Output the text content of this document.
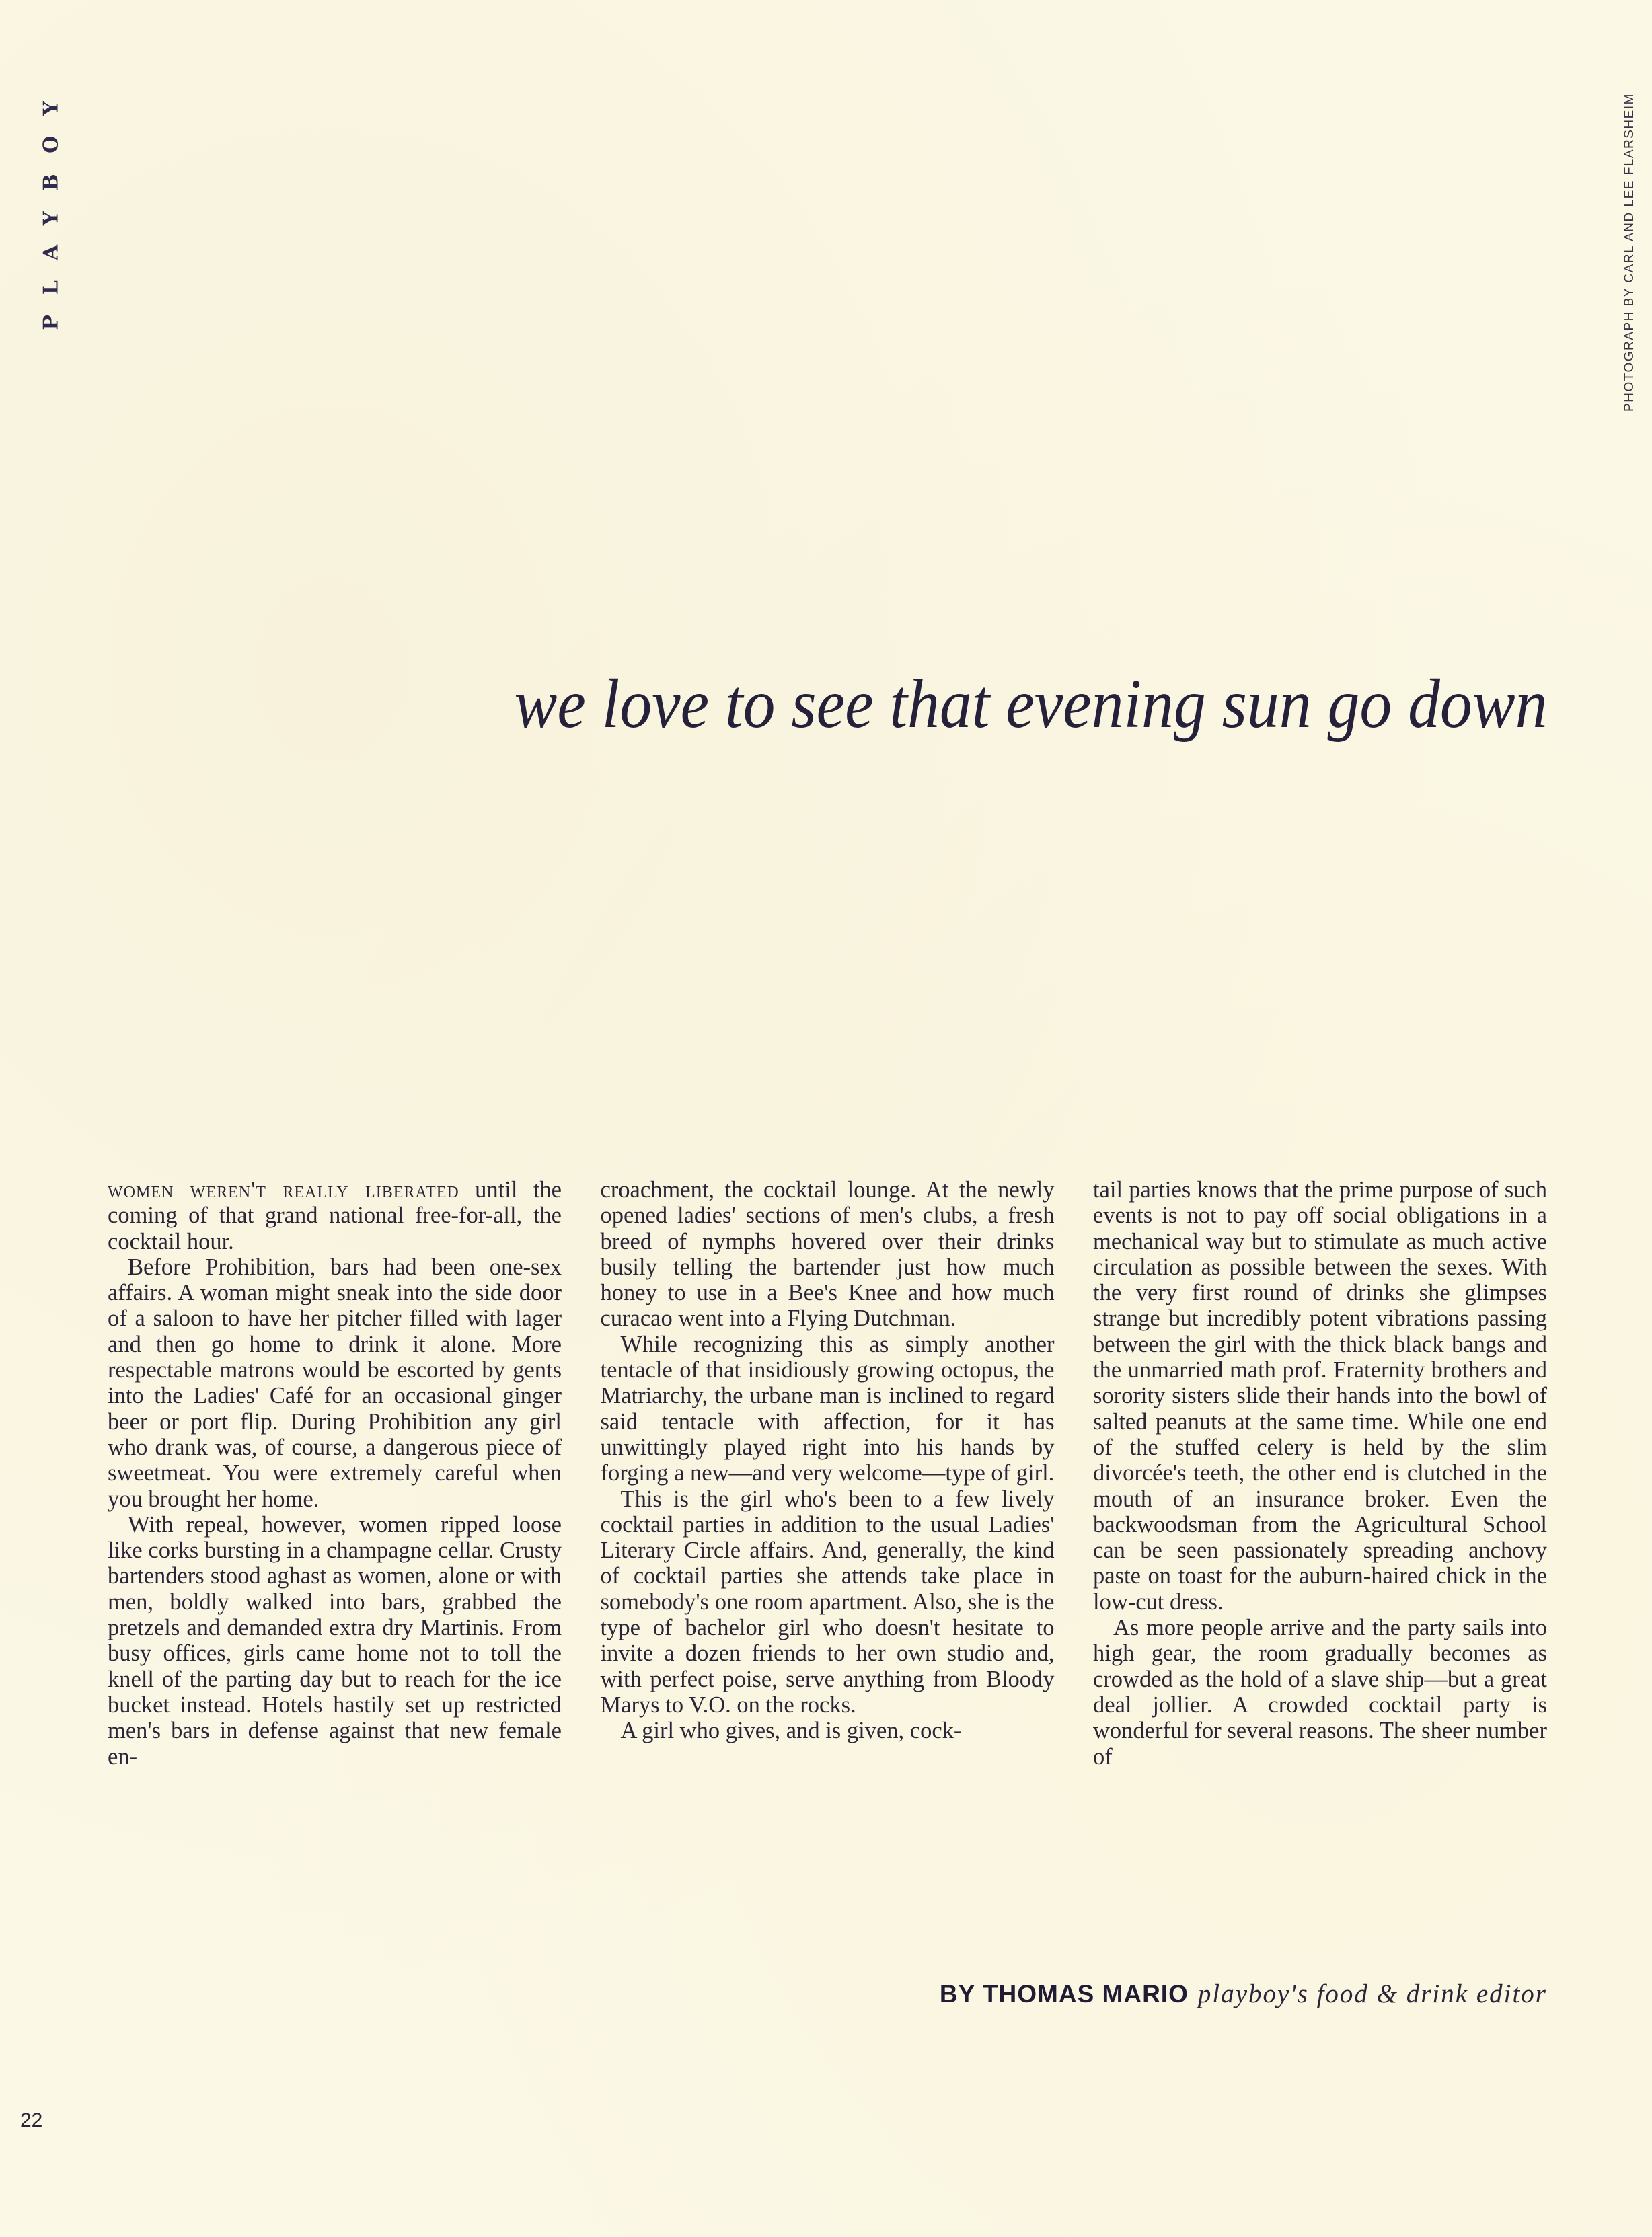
PLAYBOY	PHOTOGRAPH BY CARL AND LEE FLARSHEIM
we love to see that evening sun go down

women weren't really liberated until the coming of that grand national free-for-all, the cocktail hour.

Before Prohibition, bars had been one-sex affairs. A woman might sneak into the side door of a saloon to have her pitcher filled with lager and then go home to drink it alone. More respectable matrons would be escorted by gents into the Ladies' Café for an occasional ginger beer or port flip. During Prohibition any girl who drank was, of course, a dangerous piece of sweetmeat. You were extremely careful when you brought her home.

With repeal, however, women ripped loose like corks bursting in a champagne cellar. Crusty bartenders stood aghast as women, alone or with men, boldly walked into bars, grabbed the pretzels and demanded extra dry Martinis. From busy offices, girls came home not to toll the knell of the parting day but to reach for the ice bucket instead. Hotels hastily set up restricted men's bars in defense against that new female en-

croachment, the cocktail lounge. At the newly opened ladies' sections of men's clubs, a fresh breed of nymphs hovered over their drinks busily telling the bartender just how much honey to use in a Bee's Knee and how much curacao went into a Flying Dutchman.

While recognizing this as simply another tentacle of that insidiously growing octopus, the Matriarchy, the urbane man is inclined to regard said tentacle with affection, for it has unwittingly played right into his hands by forging a new—and very welcome—type of girl.

This is the girl who's been to a few lively cocktail parties in addition to the usual Ladies' Literary Circle affairs. And, generally, the kind of cocktail parties she attends take place in somebody's one room apartment. Also, she is the type of bachelor girl who doesn't hesitate to invite a dozen friends to her own studio and, with perfect poise, serve anything from Bloody Marys to V.O. on the rocks.

A girl who gives, and is given, cock-

tail parties knows that the prime purpose of such events is not to pay off social obligations in a mechanical way but to stimulate as much active circulation as possible between the sexes. With the very first round of drinks she glimpses strange but incredibly potent vibrations passing between the girl with the thick black bangs and the unmarried math prof. Fraternity brothers and sorority sisters slide their hands into the bowl of salted peanuts at the same time. While one end of the stuffed celery is held by the slim divorcée's teeth, the other end is clutched in the mouth of an insurance broker. Even the backwoodsman from the Agricultural School can be seen passionately spreading anchovy paste on toast for the auburn-haired chick in the low-cut dress.

As more people arrive and the party sails into high gear, the room gradually becomes as crowded as the hold of a slave ship—but a great deal jollier. A crowded cocktail party is wonderful for several reasons. The sheer number of

BY THOMAS MARIO playboy's food & drink editor
22
